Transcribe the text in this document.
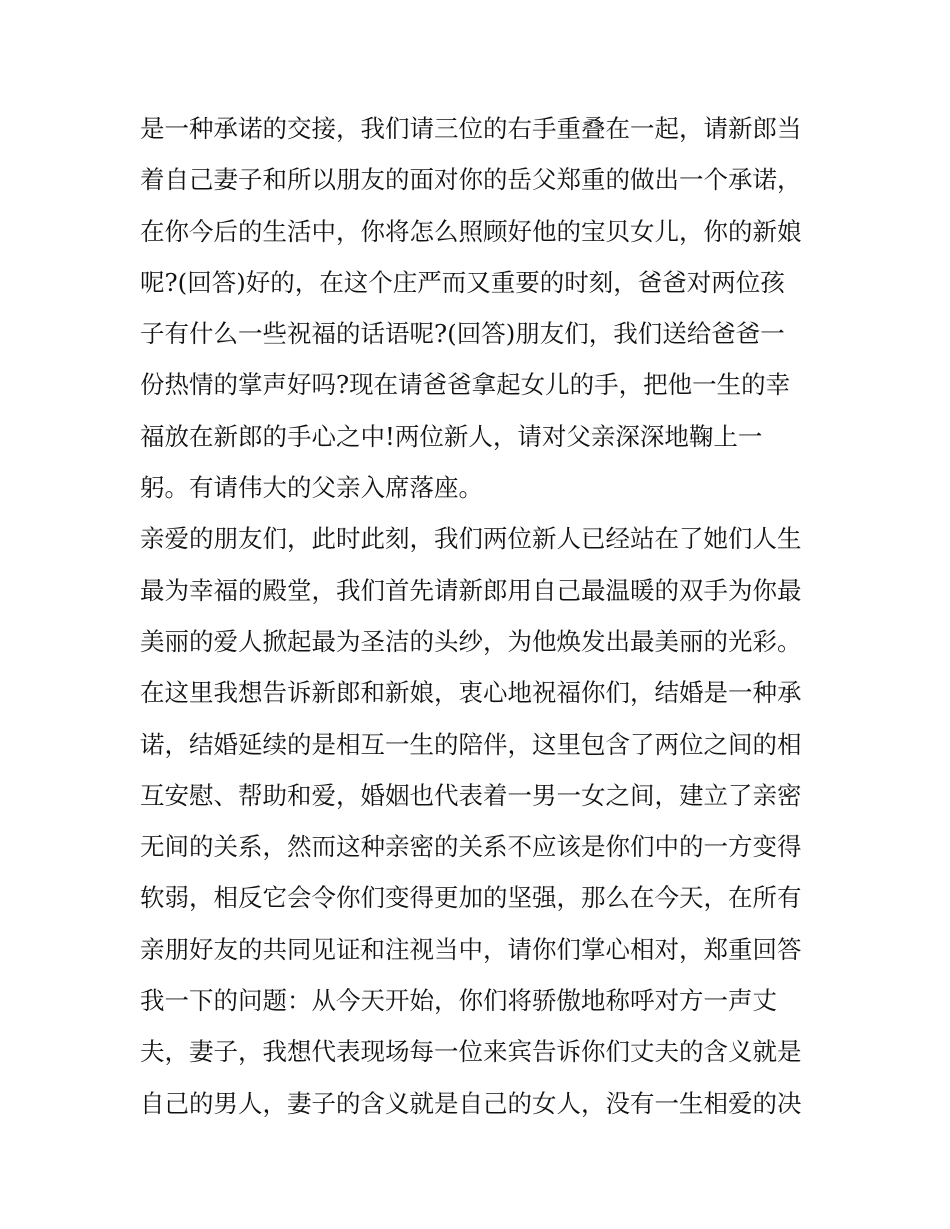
是一种承诺的交接，我们请三位的右手重叠在一起，请新郎当
着自己妻子和所以朋友的面对你的岳父郑重的做出一个承诺，
在你今后的生活中，你将怎么照顾好他的宝贝女儿，你的新娘
呢?(回答)好的，在这个庄严而又重要的时刻，爸爸对两位孩
子有什么一些祝福的话语呢?(回答)朋友们，我们送给爸爸一
份热情的掌声好吗?现在请爸爸拿起女儿的手，把他一生的幸
福放在新郎的手心之中!两位新人，请对父亲深深地鞠上一
躬。有请伟大的父亲入席落座。
亲爱的朋友们，此时此刻，我们两位新人已经站在了她们人生
最为幸福的殿堂，我们首先请新郎用自己最温暖的双手为你最
美丽的爱人掀起最为圣洁的头纱，为他焕发出最美丽的光彩。
在这里我想告诉新郎和新娘，衷心地祝福你们，结婚是一种承
诺，结婚延续的是相互一生的陪伴，这里包含了两位之间的相
互安慰、帮助和爱，婚姻也代表着一男一女之间，建立了亲密
无间的关系，然而这种亲密的关系不应该是你们中的一方变得
软弱，相反它会令你们变得更加的坚强，那么在今天，在所有
亲朋好友的共同见证和注视当中，请你们掌心相对，郑重回答
我一下的问题：从今天开始，你们将骄傲地称呼对方一声丈
夫，妻子，我想代表现场每一位来宾告诉你们丈夫的含义就是
自己的男人，妻子的含义就是自己的女人，没有一生相爱的决
